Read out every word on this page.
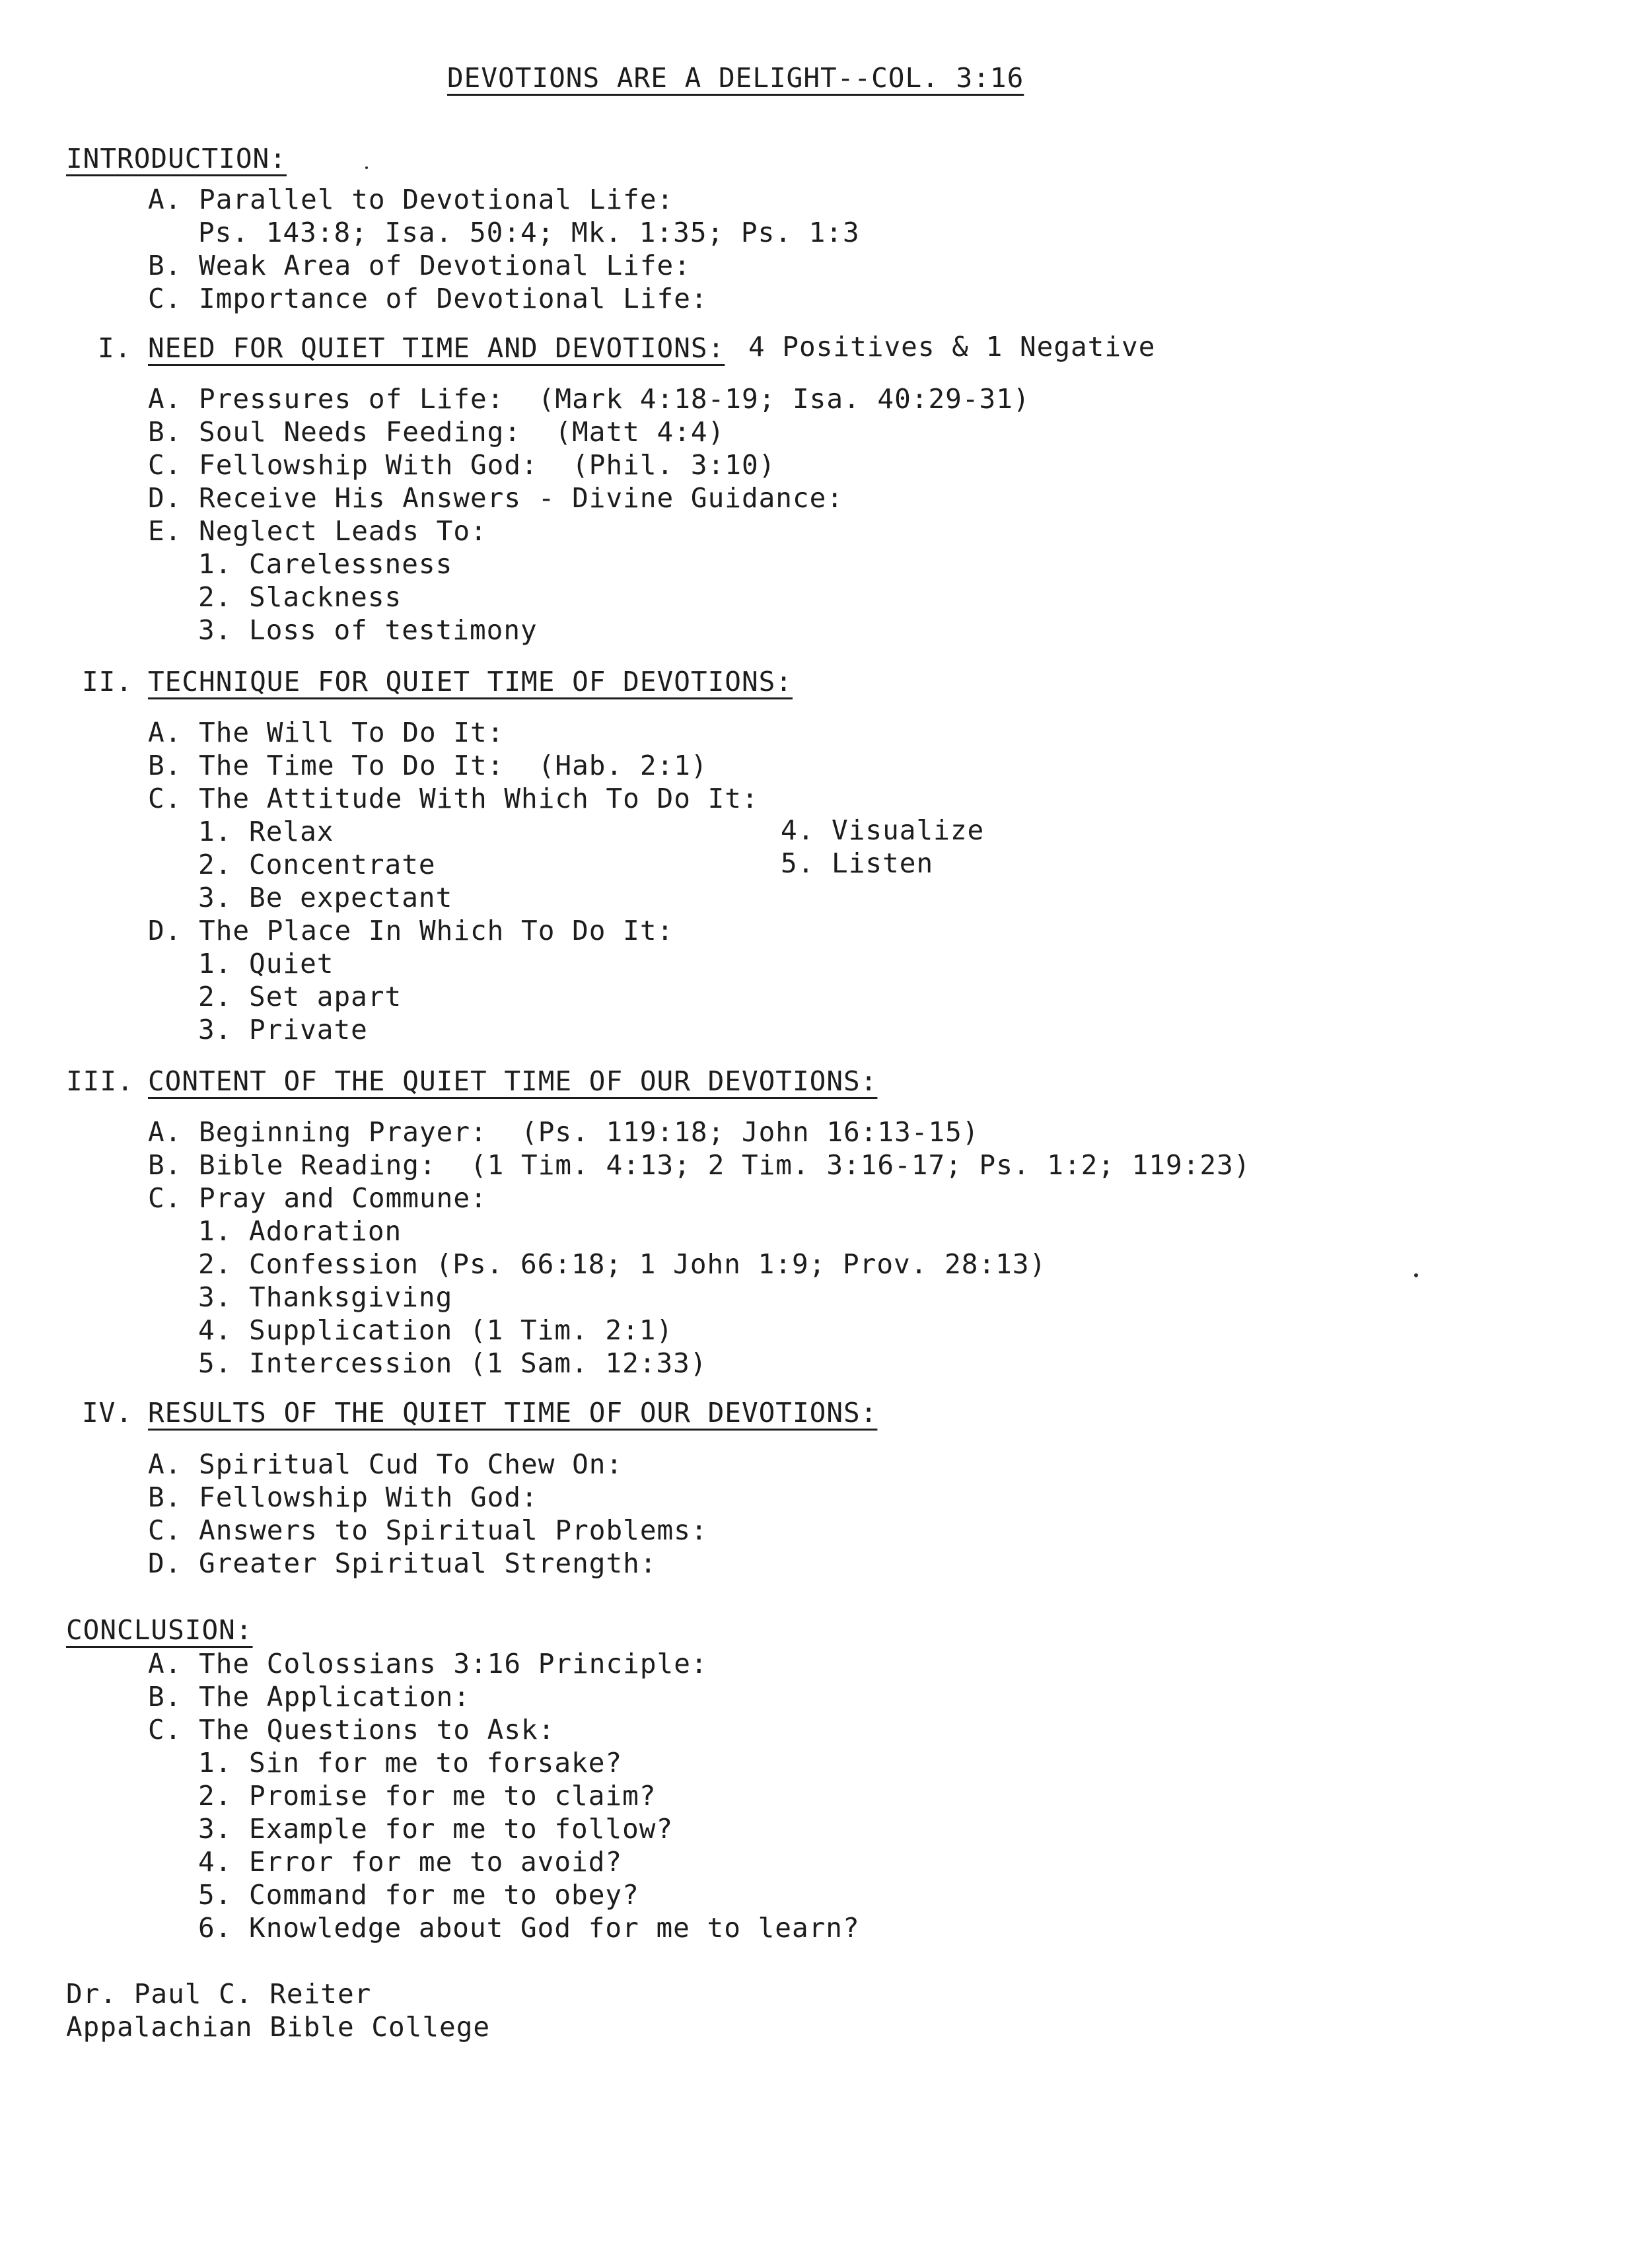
DEVOTIONS ARE A DELIGHT--COL. 3:16
INTRODUCTION:
A. Parallel to Devotional Life:
Ps. 143:8; Isa. 50:4; Mk. 1:35; Ps. 1:3
B. Weak Area of Devotional Life:
C. Importance of Devotional Life:
I. NEED FOR QUIET TIME AND DEVOTIONS: 4 Positives & 1 Negative
A. Pressures of Life:  (Mark 4:18-19; Isa. 40:29-31)
B. Soul Needs Feeding:  (Matt 4:4)
C. Fellowship With God:  (Phil. 3:10)
D. Receive His Answers - Divine Guidance:
E. Neglect Leads To:
1. Carelessness
2. Slackness
3. Loss of testimony
II. TECHNIQUE FOR QUIET TIME OF DEVOTIONS:
A. The Will To Do It:
B. The Time To Do It:  (Hab. 2:1)
C. The Attitude With Which To Do It:
1. Relax	4. Visualize
2. Concentrate	5. Listen
3. Be expectant
D. The Place In Which To Do It:
1. Quiet
2. Set apart
3. Private
III. CONTENT OF THE QUIET TIME OF OUR DEVOTIONS:
A. Beginning Prayer:  (Ps. 119:18; John 16:13-15)
B. Bible Reading:  (1 Tim. 4:13; 2 Tim. 3:16-17; Ps. 1:2; 119:23)
C. Pray and Commune:
1. Adoration
2. Confession (Ps. 66:18; 1 John 1:9; Prov. 28:13)
3. Thanksgiving
4. Supplication (1 Tim. 2:1)
5. Intercession (1 Sam. 12:33)
IV. RESULTS OF THE QUIET TIME OF OUR DEVOTIONS:
A. Spiritual Cud To Chew On:
B. Fellowship With God:
C. Answers to Spiritual Problems:
D. Greater Spiritual Strength:
CONCLUSION:
A. The Colossians 3:16 Principle:
B. The Application:
C. The Questions to Ask:
1. Sin for me to forsake?
2. Promise for me to claim?
3. Example for me to follow?
4. Error for me to avoid?
5. Command for me to obey?
6. Knowledge about God for me to learn?
Dr. Paul C. Reiter
Appalachian Bible College
